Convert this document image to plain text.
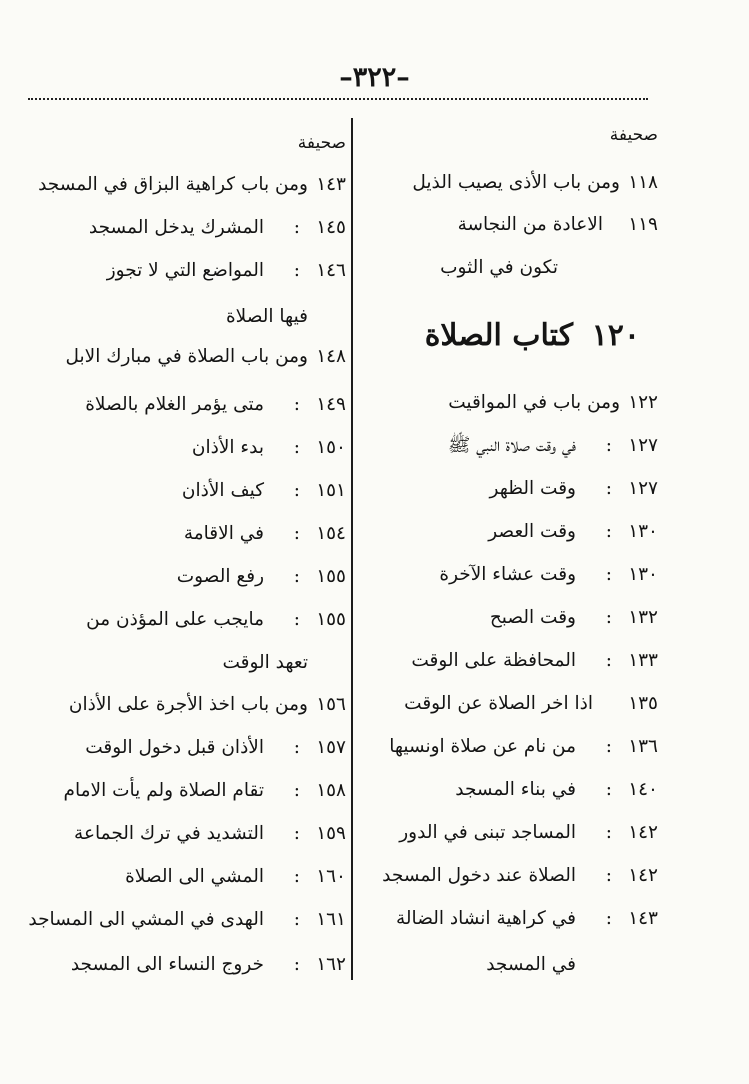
–٣٢٢–
صحيفة
١١٨
ومن باب الأذى يصيب الذيل
١١٩
الاعادة من النجاسة
تكون في الثوب
١٢٠
كتاب الصلاة
١٢٢
ومن باب في المواقيت
١٢٧
:
في وقت صلاة النبي ﷺ
١٢٧
:
وقت الظهر
١٣٠
:
وقت العصر
١٣٠
:
وقت عشاء الآخرة
١٣٢
:
وقت الصبح
١٣٣
:
المحافظة على الوقت
١٣٥
اذا اخر الصلاة عن الوقت
١٣٦
:
من نام عن صلاة اونسيها
١٤٠
:
في بناء المسجد
١٤٢
:
المساجد تبنى في الدور
١٤٢
:
الصلاة عند دخول المسجد
١٤٣
:
في كراهية انشاد الضالة
في المسجد
صحيفة
١٤٣
ومن باب كراهية البزاق في المسجد
١٤٥
:
المشرك يدخل المسجد
١٤٦
:
المواضع التي لا تجوز
فيها الصلاة
١٤٨
ومن باب الصلاة في مبارك الابل
١٤٩
:
متى يؤمر الغلام بالصلاة
١٥٠
:
بدء الأذان
١٥١
:
كيف الأذان
١٥٤
:
في الاقامة
١٥٥
:
رفع الصوت
١٥٥
:
مايجب على المؤذن من
تعهد الوقت
١٥٦
ومن باب اخذ الأجرة على الأذان
١٥٧
:
الأذان قبل دخول الوقت
١٥٨
:
تقام الصلاة ولم يأت الامام
١٥٩
:
التشديد في ترك الجماعة
١٦٠
:
المشي الى الصلاة
١٦١
:
الهدى في المشي الى المساجد
١٦٢
:
خروج النساء الى المسجد
